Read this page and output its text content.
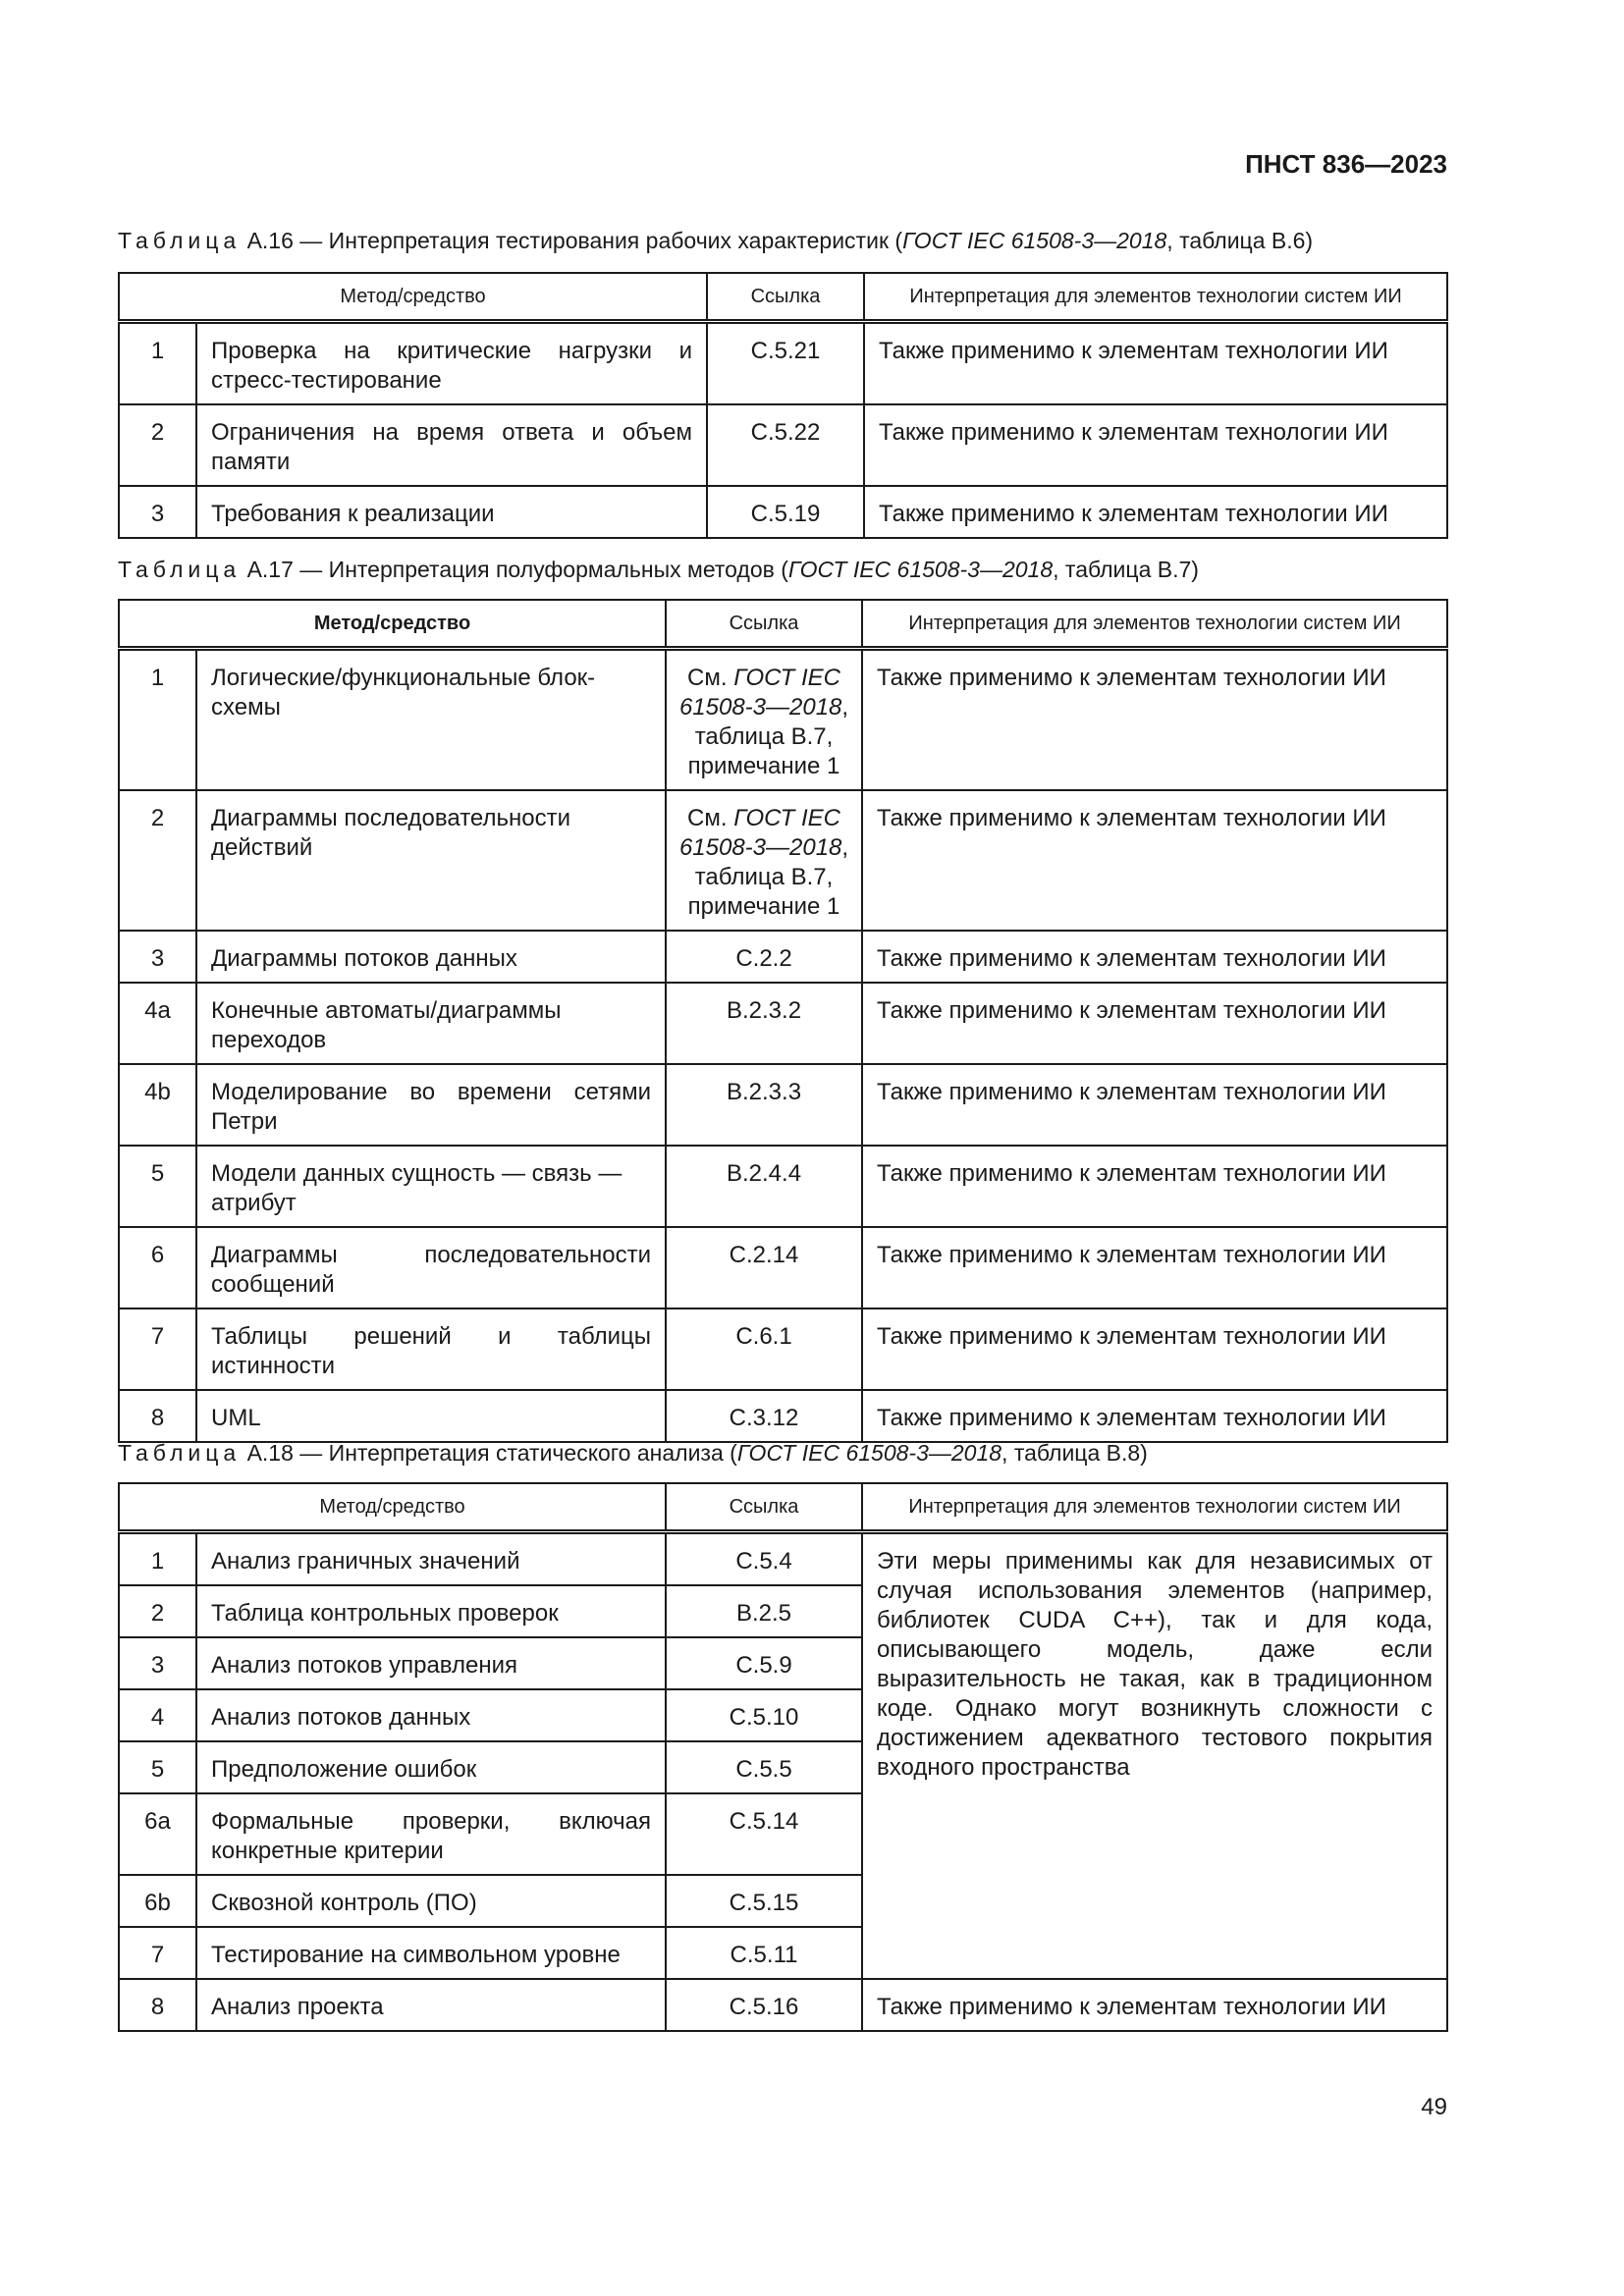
ПНСТ 836—2023
Таблица А.16 — Интерпретация тестирования рабочих характеристик (ГОСТ IEC 61508-3—2018, таблица В.6)
Метод/средство		Ссылка	Интерпретация для элементов технологии систем ИИ
1	Проверка на критические нагрузки и стресс-тестирование	С.5.21	Также применимо к элементам технологии ИИ
2	Ограничения на время ответа и объем памяти	С.5.22	Также применимо к элементам технологии ИИ
3	Требования к реализации	С.5.19	Также применимо к элементам технологии ИИ
Таблица А.17 — Интерпретация полуформальных методов (ГОСТ IEC 61508-3—2018, таблица В.7)
Метод/средство		Ссылка	Интерпретация для элементов технологии систем ИИ
1	Логические/функциональные блок-схемы	См. ГОСТ IEC 61508-3—2018, таблица В.7, примечание 1	Также применимо к элементам технологии ИИ
2	Диаграммы последовательности действий	См. ГОСТ IEC 61508-3—2018, таблица В.7, примечание 1	Также применимо к элементам технологии ИИ
3	Диаграммы потоков данных	С.2.2	Также применимо к элементам технологии ИИ
4a	Конечные автоматы/диаграммы переходов	В.2.3.2	Также применимо к элементам технологии ИИ
4b	Моделирование во времени сетями Петри	В.2.3.3	Также применимо к элементам технологии ИИ
5	Модели данных сущность — связь — атрибут	В.2.4.4	Также применимо к элементам технологии ИИ
6	Диаграммы последовательности сообщений	С.2.14	Также применимо к элементам технологии ИИ
7	Таблицы решений и таблицы истинности	С.6.1	Также применимо к элементам технологии ИИ
8	UML	С.3.12	Также применимо к элементам технологии ИИ
Таблица А.18 — Интерпретация статического анализа (ГОСТ IEC 61508-3—2018, таблица В.8)
Метод/средство		Ссылка	Интерпретация для элементов технологии систем ИИ
1	Анализ граничных значений	С.5.4	Эти меры применимы как для независимых от случая использования элементов (например, библиотек CUDA C++), так и для кода, описывающего модель, даже если выразительность не такая, как в традиционном коде. Однако могут возникнуть сложности с достижением адекватного тестового покрытия входного пространства
2	Таблица контрольных проверок	В.2.5	
3	Анализ потоков управления	С.5.9	
4	Анализ потоков данных	С.5.10	
5	Предположение ошибок	С.5.5	
6a	Формальные проверки, включая конкретные критерии	С.5.14	
6b	Сквозной контроль (ПО)	С.5.15	
7	Тестирование на символьном уровне	С.5.11	
8	Анализ проекта	С.5.16	Также применимо к элементам технологии ИИ
49
